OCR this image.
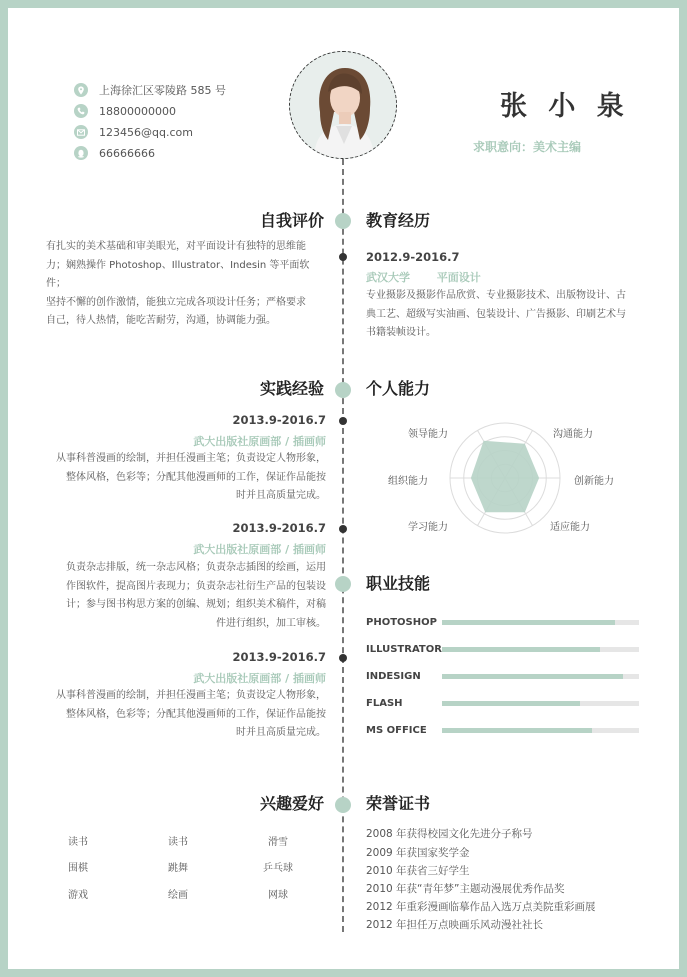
上海徐汇区零陵路 585 号
18800000000
123456@qq.com
66666666
张 小 泉
求职意向：美术主编
自我评价
有扎实的美术基础和审美眼光，对平面设计有独特的思维能
力；娴熟操作 Photoshop、Illustrator、Indesin 等平面软件；
坚持不懈的创作激情，能独立完成各项设计任务；严格要求
自己，待人热情，能吃苦耐劳，沟通，协调能力强。
教育经历
2012.9-2016.7
武汉大学       平面设计
专业摄影及摄影作品欣赏、专业摄影技术、出版物设计、古
典工艺、超级写实油画、包装设计、广告摄影、印刷艺术与
书籍装帧设计。
实践经验
2013.9-2016.7
武大出版社原画部 / 插画师
从事科普漫画的绘制，并担任漫画主笔；负责设定人物形象，
整体风格，色彩等；分配其他漫画师的工作，保证作品能按
时并且高质量完成。
2013.9-2016.7
武大出版社原画部 / 插画师
负责杂志排版，统一杂志风格；负责杂志插图的绘画，运用
作图软件，提高图片表现力；负责杂志社衍生产品的包装设
计；参与图书构思方案的创编、规划；组织美术稿件，对稿
件进行组织，加工审核。
2013.9-2016.7
武大出版社原画部 / 插画师
从事科普漫画的绘制，并担任漫画主笔；负责设定人物形象，
整体风格，色彩等；分配其他漫画师的工作，保证作品能按
时并且高质量完成。
个人能力
领导能力	沟通能力
创新能力
适应能力
学习能力
组织能力
职业技能
PHOTOSHOP
ILLUSTRATOR
INDESIGN
FLASH
MS OFFICE
兴趣爱好
读书	读书	滑雪
围棋	跳舞	乒乓球
游戏	绘画	网球
荣誉证书
2008 年获得校园文化先进分子称号
2009 年获国家奖学金
2010 年获省三好学生
2010 年获“青年梦”主题动漫展优秀作品奖
2012 年重彩漫画临摹作品入选万点美院重彩画展
2012 年担任万点映画乐风动漫社社长
